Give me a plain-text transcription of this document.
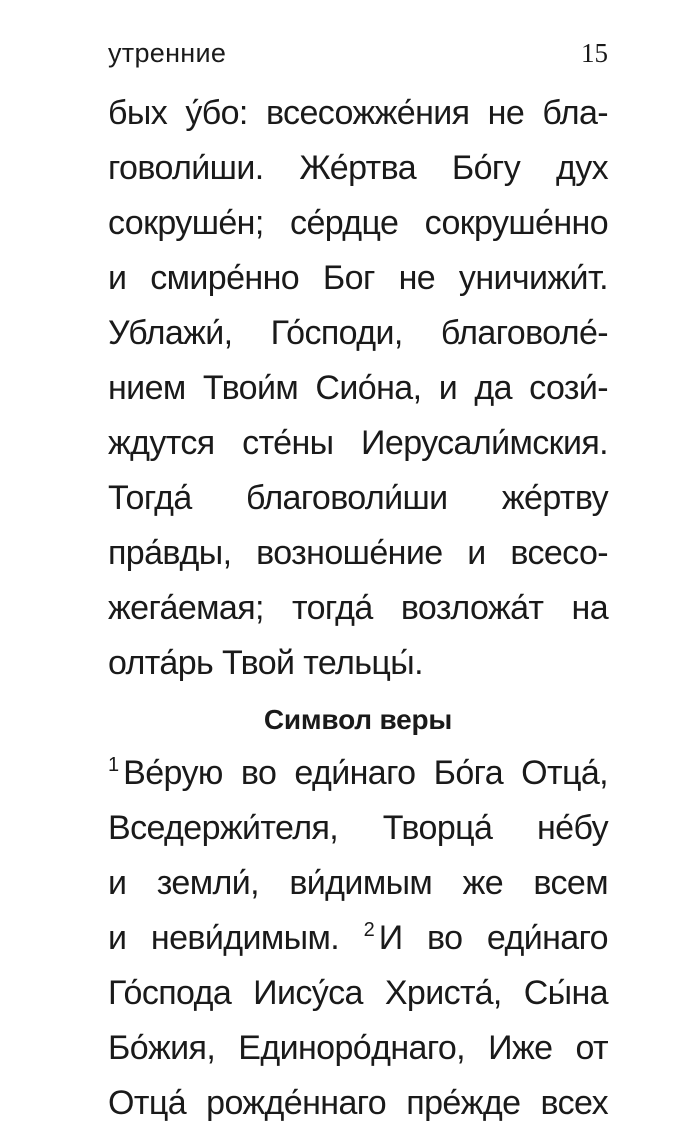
утренние	15
бых у́бо: всесожже́ния не бла-
говоли́ши. Же́ртва Бо́гу дух
сокруше́н; се́рдце сокруше́нно
и смире́нно Бог не уничижи́т.
Ублажи́, Го́споди, благоволе́-
нием Твои́м Сио́на, и да сози́-
ждутся сте́ны Иерусали́мския.
Тогда́ благоволи́ши же́ртву
пра́вды, возноше́ние и всесо-
жега́емая; тогда́ возложа́т на
олта́рь Твой тельцы́.
Символ веры
$^1$ Ве́рую во еди́наго Бо́га Отца́,
Вседержи́теля, Творца́ не́бу
и земли́, ви́димым же всем
и неви́димым. $^2$ И во еди́наго
Го́спода Иису́са Христа́, Сы́на
Бо́жия, Единоро́днаго, Иже от
Отца́ рожде́ннаго пре́жде всех
